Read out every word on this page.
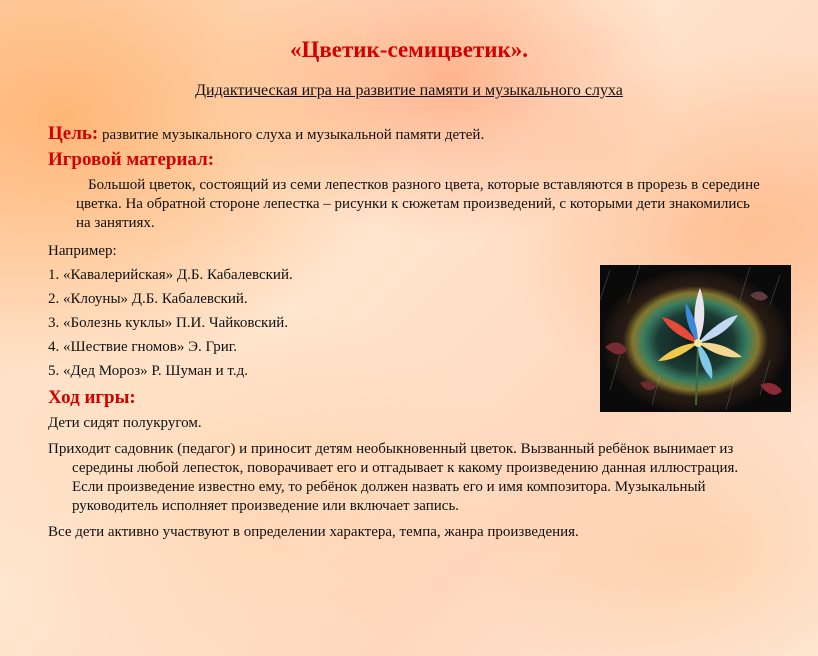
«Цветик-семицветик».
Дидактическая игра на развитие памяти и музыкального слуха
Цель: развитие музыкального слуха и музыкальной памяти детей.
Игровой материал:
Большой цветок, состоящий из семи лепестков разного цвета, которые вставляются в прорезь в середине цветка. На обратной стороне лепестка – рисунки к сюжетам произведений, с которыми дети знакомились на занятиях.
Например:
1. «Кавалерийская» Д.Б. Кабалевский.
2. «Клоуны» Д.Б. Кабалевский.
3. «Болезнь куклы» П.И. Чайковский.
4. «Шествие гномов» Э. Григ.
5. «Дед Мороз» Р. Шуман и т.д.
Ход игры:
Дети сидят полукругом.
Приходит садовник (педагог) и приносит детям необыкновенный цветок. Вызванный ребёнок вынимает из середины любой лепесток, поворачивает его и отгадывает к какому произведению данная иллюстрация. Если произведение известно ему, то ребёнок должен назвать его и имя композитора. Музыкальный руководитель исполняет произведение или включает запись.
Все дети активно участвуют в определении характера, темпа, жанра произведения.
